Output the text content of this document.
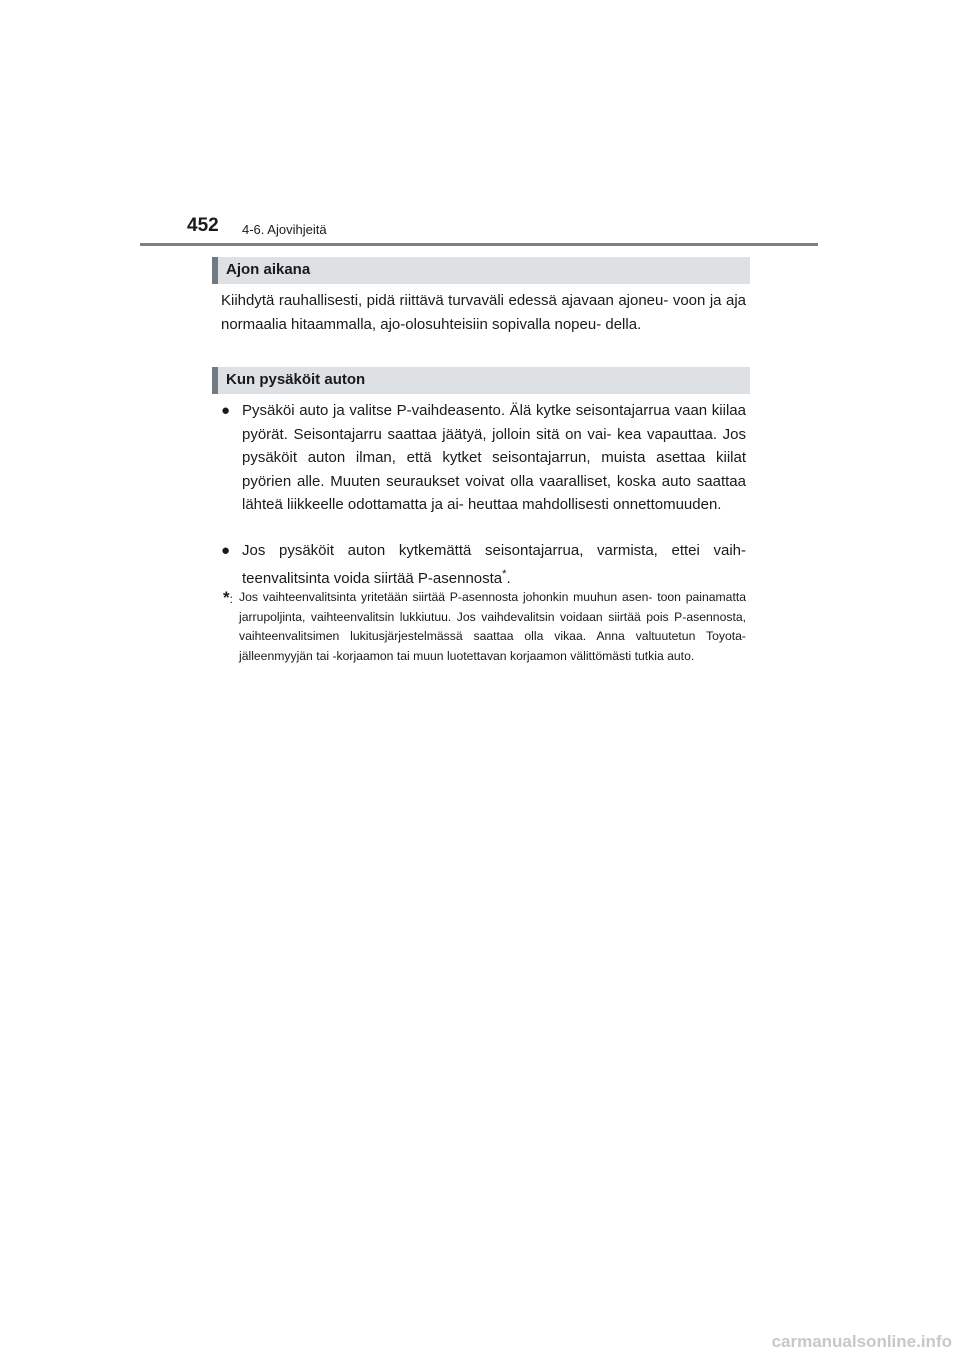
452 4-6. Ajovihjeitä
Ajon aikana
Kiihdytä rauhallisesti, pidä riittävä turvaväli edessä ajavaan ajoneu- voon ja aja normaalia hitaammalla, ajo-olosuhteisiin sopivalla nopeu- della.
Kun pysäköit auton
● Pysäköi auto ja valitse P-vaihdeasento. Älä kytke seisontajarrua vaan kiilaa pyörät. Seisontajarru saattaa jäätyä, jolloin sitä on vai- kea vapauttaa. Jos pysäköit auton ilman, että kytket seisontajarrun, muista asettaa kiilat pyörien alle. Muuten seuraukset voivat olla vaaralliset, koska auto saattaa lähteä liikkeelle odottamatta ja ai- heuttaa mahdollisesti onnettomuuden.
● Jos pysäköit auton kytkemättä seisontajarrua, varmista, ettei vaih- teenvalitsinta voida siirtää P-asennosta*.
*: Jos vaihteenvalitsinta yritetään siirtää P-asennosta johonkin muuhun asen- toon painamatta jarrupoljinta, vaihteenvalitsin lukkiutuu. Jos vaihdevalitsin voidaan siirtää pois P-asennosta, vaihteenvalitsimen lukitusjärjestelmässä saattaa olla vikaa. Anna valtuutetun Toyota-jälleenmyyjän tai -korjaamon tai muun luotettavan korjaamon välittömästi tutkia auto.
carmanualsonline.info
